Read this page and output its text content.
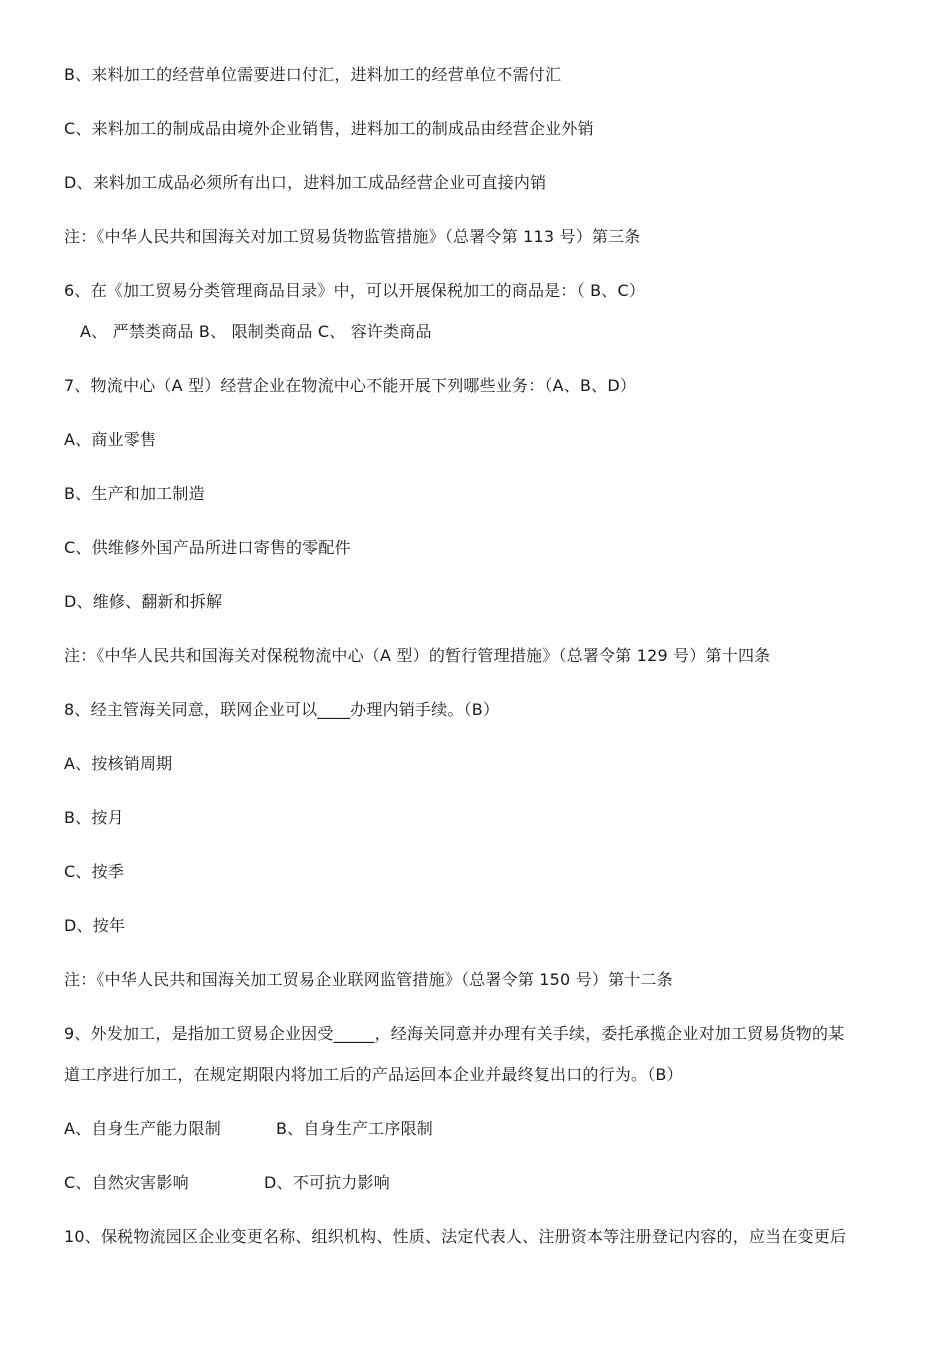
B、来料加工的经营单位需要进口付汇，进料加工的经营单位不需付汇
C、来料加工的制成品由境外企业销售，进料加工的制成品由经营企业外销
D、来料加工成品必须所有出口，进料加工成品经营企业可直接内销
注：《中华人民共和国海关对加工贸易货物监管措施》（总署令第 113 号）第三条
6、在《加工贸易分类管理商品目录》中，可以开展保税加工的商品是：（ B、C）
A、 严禁类商品 B、 限制类商品 C、 容许类商品
7、物流中心（A 型）经营企业在物流中心不能开展下列哪些业务：（A、B、D）
A、商业零售
B、生产和加工制造
C、供维修外国产品所进口寄售的零配件
D、维修、翻新和拆解
注：《中华人民共和国海关对保税物流中心（A 型）的暂行管理措施》（总署令第 129 号）第十四条
8、经主管海关同意，联网企业可以____办理内销手续。（B）
A、按核销周期
B、按月
C、按季
D、按年
注：《中华人民共和国海关加工贸易企业联网监管措施》（总署令第 150 号）第十二条
9、外发加工，是指加工贸易企业因受_____，经海关同意并办理有关手续，委托承揽企业对加工贸易货物的某
道工序进行加工，在规定期限内将加工后的产品运回本企业并最终复出口的行为。（B）
A、自身生产能力限制	B、自身生产工序限制
C、自然灾害影响	D、不可抗力影响
10、保税物流园区企业变更名称、组织机构、性质、法定代表人、注册资本等注册登记内容的，应当在变更后
